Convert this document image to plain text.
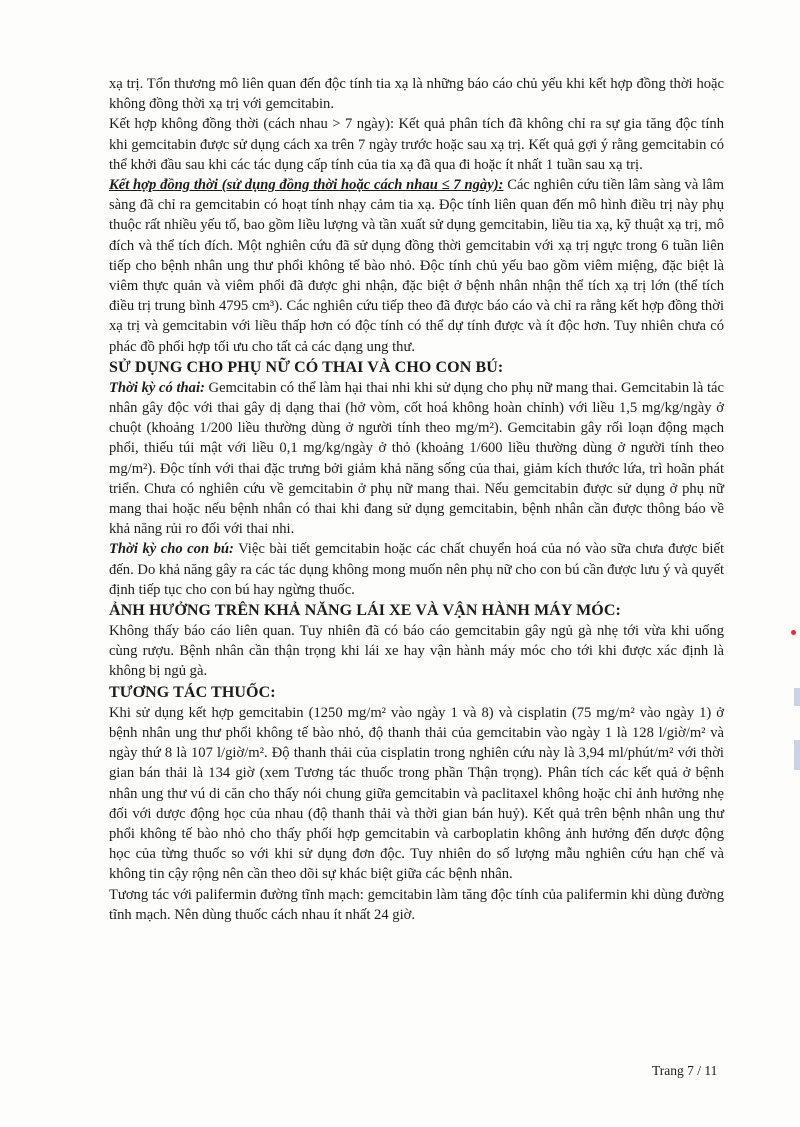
xạ trị. Tổn thương mô liên quan đến độc tính tia xạ là những báo cáo chủ yếu khi kết hợp đồng thời hoặc không đồng thời xạ trị với gemcitabin.

Kết hợp không đồng thời (cách nhau > 7 ngày): Kết quả phân tích đã không chỉ ra sự gia tăng độc tính khi gemcitabin được sử dụng cách xa trên 7 ngày trước hoặc sau xạ trị. Kết quả gợi ý rằng gemcitabin có thể khởi đầu sau khi các tác dụng cấp tính của tia xạ đã qua đi hoặc ít nhất 1 tuần sau xạ trị.

Kết hợp đồng thời (sử dụng đồng thời hoặc cách nhau ≤ 7 ngày): Các nghiên cứu tiền lâm sàng và lâm sàng đã chỉ ra gemcitabin có hoạt tính nhạy cảm tia xạ. Độc tính liên quan đến mô hình điều trị này phụ thuộc rất nhiều yếu tố, bao gồm liều lượng và tần xuất sử dụng gemcitabin, liều tia xạ, kỹ thuật xạ trị, mô đích và thể tích đích. Một nghiên cứu đã sử dụng đồng thời gemcitabin với xạ trị ngực trong 6 tuần liên tiếp cho bệnh nhân ung thư phổi không tế bào nhỏ. Độc tính chủ yếu bao gồm viêm miệng, đặc biệt là viêm thực quản và viêm phổi đã được ghi nhận, đặc biệt ở bệnh nhân nhận thể tích xạ trị lớn (thể tích điều trị trung bình 4795 cm³). Các nghiên cứu tiếp theo đã được báo cáo và chỉ ra rằng kết hợp đồng thời xạ trị và gemcitabin với liều thấp hơn có độc tính có thể dự tính được và ít độc hơn. Tuy nhiên chưa có phác đồ phối hợp tối ưu cho tất cả các dạng ung thư.

SỬ DỤNG CHO PHỤ NỮ CÓ THAI VÀ CHO CON BÚ:

Thời kỳ có thai: Gemcitabin có thể làm hại thai nhi khi sử dụng cho phụ nữ mang thai. Gemcitabin là tác nhân gây độc với thai gây dị dạng thai (hở vòm, cốt hoá không hoàn chỉnh) với liều 1,5 mg/kg/ngày ở chuột (khoảng 1/200 liều thường dùng ở người tính theo mg/m²). Gemcitabin gây rối loạn động mạch phổi, thiếu túi mật với liều 0,1 mg/kg/ngày ở thỏ (khoảng 1/600 liều thường dùng ở người tính theo mg/m²). Độc tính với thai đặc trưng bởi giảm khả năng sống của thai, giảm kích thước lứa, trì hoãn phát triển. Chưa có nghiên cứu về gemcitabin ở phụ nữ mang thai. Nếu gemcitabin được sử dụng ở phụ nữ mang thai hoặc nếu bệnh nhân có thai khi đang sử dụng gemcitabin, bệnh nhân cần được thông báo về khả năng rủi ro đối với thai nhi.

Thời kỳ cho con bú: Việc bài tiết gemcitabin hoặc các chất chuyển hoá của nó vào sữa chưa được biết đến. Do khả năng gây ra các tác dụng không mong muốn nên phụ nữ cho con bú cần được lưu ý và quyết định tiếp tục cho con bú hay ngừng thuốc.

ẢNH HƯỞNG TRÊN KHẢ NĂNG LÁI XE VÀ VẬN HÀNH MÁY MÓC:

Không thấy báo cáo liên quan. Tuy nhiên đã có báo cáo gemcitabin gây ngủ gà nhẹ tới vừa khi uống cùng rượu. Bệnh nhân cần thận trọng khi lái xe hay vận hành máy móc cho tới khi được xác định là không bị ngủ gà.

TƯƠNG TÁC THUỐC:

Khi sử dụng kết hợp gemcitabin (1250 mg/m² vào ngày 1 và 8) và cisplatin (75 mg/m² vào ngày 1) ở bệnh nhân ung thư phổi không tế bào nhỏ, độ thanh thải của gemcitabin vào ngày 1 là 128 l/giờ/m² và ngày thứ 8 là 107 l/giờ/m². Độ thanh thải của cisplatin trong nghiên cứu này là 3,94 ml/phút/m² với thời gian bán thải là 134 giờ (xem Tương tác thuốc trong phần Thận trọng). Phân tích các kết quả ở bệnh nhân ung thư vú di căn cho thấy nói chung giữa gemcitabin và paclitaxel không hoặc chỉ ảnh hưởng nhẹ đối với dược động học của nhau (độ thanh thải và thời gian bán huỷ). Kết quả trên bệnh nhân ung thư phổi không tế bào nhỏ cho thấy phối hợp gemcitabin và carboplatin không ảnh hưởng đến dược động học của từng thuốc so với khi sử dụng đơn độc. Tuy nhiên do số lượng mẫu nghiên cứu hạn chế và không tin cậy rộng nên cần theo dõi sự khác biệt giữa các bệnh nhân.

Tương tác với palifermin đường tĩnh mạch: gemcitabin làm tăng độc tính của palifermin khi dùng đường tĩnh mạch. Nên dùng thuốc cách nhau ít nhất 24 giờ.

Trang 7 / 11
